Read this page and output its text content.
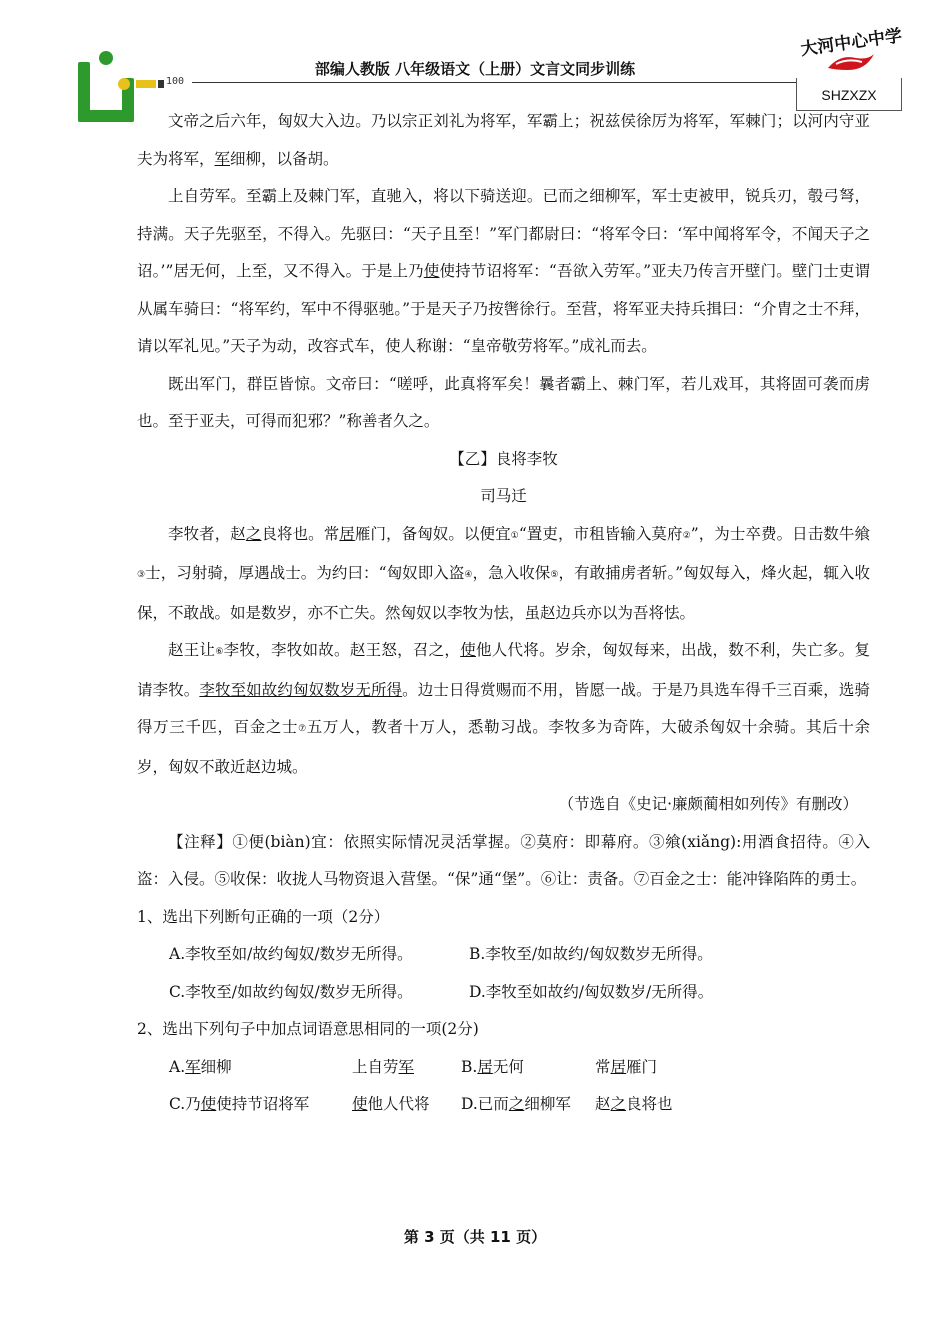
100
部编人教版 八年级语文（上册）文言文同步训练
大河中心中学
SHZXZX

文帝之后六年，匈奴大入边。乃以宗正刘礼为将军，军霸上；祝兹侯徐厉为将军，军棘门；以河内守亚夫为将军，军细柳，以备胡。

上自劳军。至霸上及棘门军，直驰入，将以下骑送迎。已而之细柳军，军士吏被甲，锐兵刃，彀弓弩，持满。天子先驱至，不得入。先驱曰：“天子且至！”军门都尉曰：“将军令曰：‘军中闻将军令，不闻天子之诏。’”居无何，上至，又不得入。于是上乃使使持节诏将军：“吾欲入劳军。”亚夫乃传言开壁门。壁门士吏谓从属车骑曰：“将军约，军中不得驱驰。”于是天子乃按辔徐行。至营，将军亚夫持兵揖曰：“介胄之士不拜，请以军礼见。”天子为动，改容式车，使人称谢：“皇帝敬劳将军。”成礼而去。

既出军门，群臣皆惊。文帝曰：“嗟呼，此真将军矣！曩者霸上、棘门军，若儿戏耳，其将固可袭而虏也。至于亚夫，可得而犯邪？”称善者久之。

【乙】良将李牧

司马迁

李牧者，赵之良将也。常居雁门，备匈奴。以便宜①“置吏，市租皆输入莫府②”，为士卒费。日击数牛飨③士，习射骑，厚遇战士。为约曰：“匈奴即入盗④，急入收保⑤，有敢捕虏者斩。”匈奴每入，烽火起，辄入收保，不敢战。如是数岁，亦不亡失。然匈奴以李牧为怯，虽赵边兵亦以为吾将怯。

赵王让⑥李牧，李牧如故。赵王怒，召之，使他人代将。岁余，匈奴每来，出战，数不利，失亡多。复请李牧。李牧至如故约匈奴数岁无所得。边士日得赏赐而不用，皆愿一战。于是乃具选车得千三百乘，选骑得万三千匹，百金之士⑦五万人，教者十万人，悉勒习战。李牧多为奇阵，大破杀匈奴十余骑。其后十余岁，匈奴不敢近赵边城。

（节选自《史记·廉颇蔺相如列传》有删改）

【注释】①便(biàn)宜：依照实际情况灵活掌握。②莫府：即幕府。③飨(xiǎng):用酒食招待。④入盗：入侵。⑤收保：收拢人马物资退入营堡。“保”通“堡”。⑥让：责备。⑦百金之士：能冲锋陷阵的勇士。

1、选出下列断句正确的一项（2分）

A.李牧至如/故约匈奴/数岁无所得。	B.李牧至/如故约/匈奴数岁无所得。
C.李牧至/如故约匈奴/数岁无所得。	D.李牧至如故约/匈奴数岁/无所得。

2、选出下列句子中加点词语意思相同的一项(2分)

A.军细柳	上自劳军	B.居无何	常居雁门
C.乃使使持节诏将军	使他人代将	D.已而之细柳军	赵之良将也
第 3 页（共 11 页）
